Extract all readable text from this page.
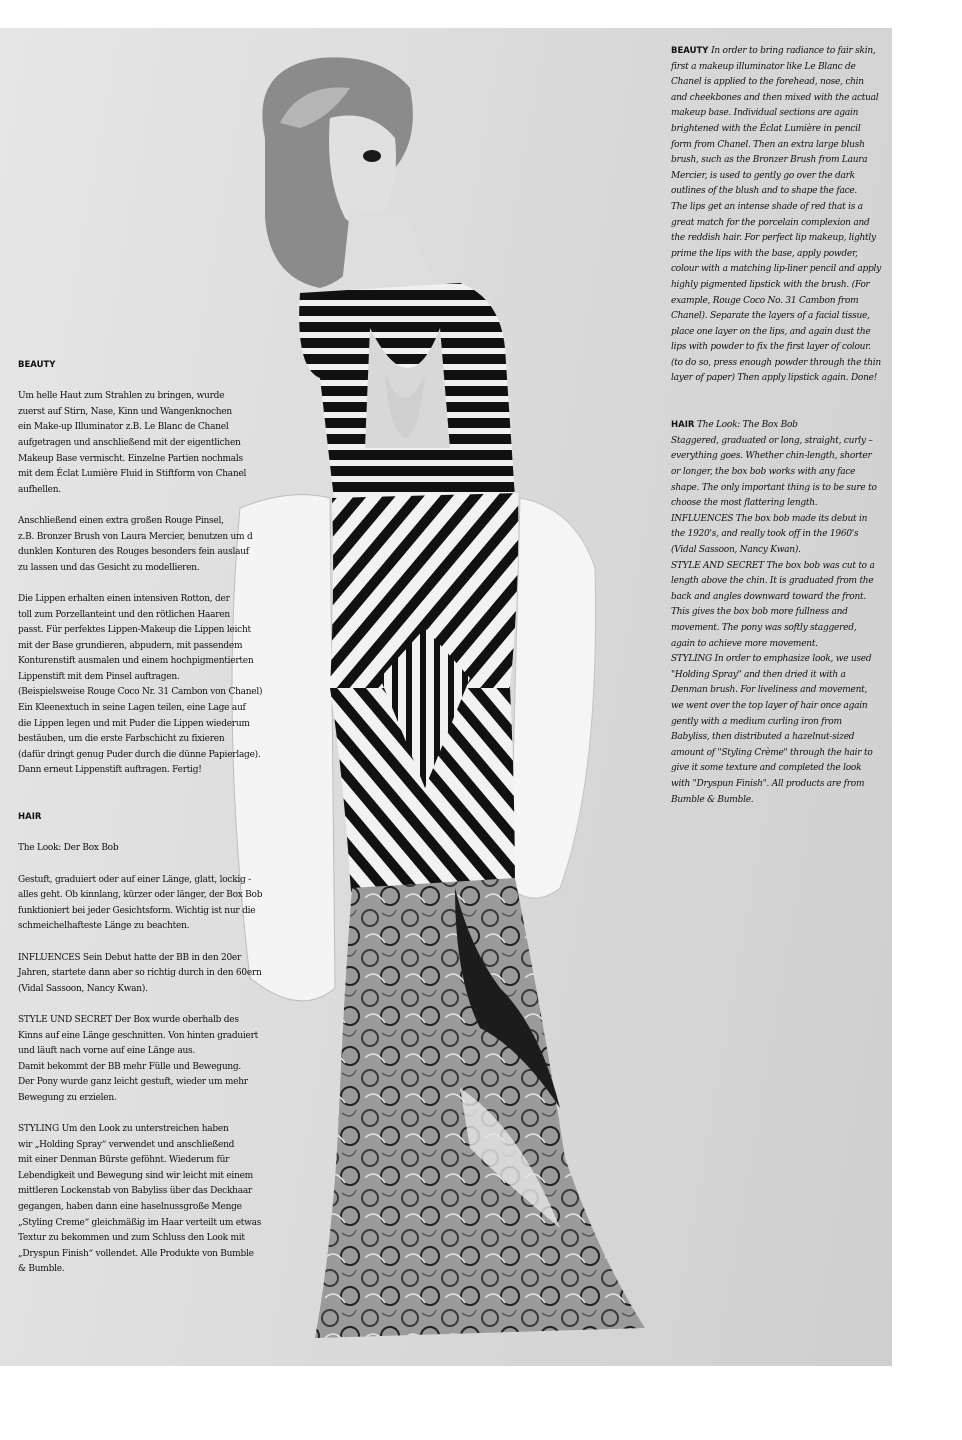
BEAUTY

Um helle Haut zum Strahlen zu bringen, wurde
zuerst auf Stirn, Nase, Kinn und Wangenknochen
ein Make-up Illuminator z.B. Le Blanc de Chanel
aufgetragen und anschließend mit der eigentlichen
Makeup Base vermischt. Einzelne Partien nochmals
mit dem Éclat Lumière Fluid in Stiftform von Chanel
aufhellen.

Anschließend einen extra großen Rouge Pinsel,
z.B. Bronzer Brush von Laura Mercier, benutzen um d
dunklen Konturen des Rouges besonders fein auslauf
zu lassen und das Gesicht zu modellieren.

Die Lippen erhalten einen intensiven Rotton, der
toll zum Porzellanteint und den rötlichen Haaren
passt. Für perfektes Lippen-Makeup die Lippen leicht
mit der Base grundieren, abpudern, mit passendem
Konturenstift ausmalen und einem hochpigmentierten
Lippenstift mit dem Pinsel auftragen.
(Beispielsweise Rouge Coco Nr. 31 Cambon von Chanel)
Ein Kleenextuch in seine Lagen teilen, eine Lage auf
die Lippen legen und mit Puder die Lippen wiederum
bestäuben, um die erste Farbschicht zu fixieren
(dafür dringt genug Puder durch die dünne Papierlage).
Dann erneut Lippenstift auftragen. Fertig!

HAIR

The Look: Der Box Bob

Gestuft, graduiert oder auf einer Länge, glatt, lockig -
alles geht. Ob kinnlang, kürzer oder länger, der Box Bob
funktioniert bei jeder Gesichtsform. Wichtig ist nur die
schmeichelhafteste Länge zu beachten.

INFLUENCES Sein Debut hatte der BB in den 20er
Jahren, startete dann aber so richtig durch in den 60ern
(Vidal Sassoon, Nancy Kwan).

STYLE UND SECRET Der Box wurde oberhalb des
Kinns auf eine Länge geschnitten. Von hinten graduiert
und läuft nach vorne auf eine Länge aus.
Damit bekommt der BB mehr Fülle und Bewegung.
Der Pony wurde ganz leicht gestuft, wieder um mehr
Bewegung zu erzielen.

STYLING Um den Look zu unterstreichen haben
wir „Holding Spray“ verwendet und anschließend
mit einer Denman Bürste geföhnt. Wiederum für
Lebendigkeit und Bewegung sind wir leicht mit einem
mittleren Lockenstab von Babyliss über das Deckhaar
gegangen, haben dann eine haselnussgroße Menge
„Styling Creme“ gleichmäßig im Haar verteilt um etwas
Textur zu bekommen und zum Schluss den Look mit
„Dryspun Finish“ vollendet. Alle Produkte von Bumble
& Bumble.

BEAUTY In order to bring radiance to fair skin, first a makeup illuminator like Le Blanc de Chanel is applied to the forehead, nose, chin and cheekbones and then mixed with the actual makeup base. Individual sections are again brightened with the Éclat Lumière in pencil form from Chanel. Then an extra large blush brush, such as the Bronzer Brush from Laura Mercier, is used to gently go over the dark outlines of the blush and to shape the face.
The lips get an intense shade of red that is a great match for the porcelain complexion and the reddish hair. For perfect lip makeup, lightly prime the lips with the base, apply powder, colour with a matching lip-liner pencil and apply highly pigmented lipstick with the brush. (For example, Rouge Coco No. 31 Cambon from Chanel). Separate the layers of a facial tissue, place one layer on the lips, and again dust the lips with powder to fix the first layer of colour. (to do so, press enough powder through the thin layer of paper) Then apply lipstick again. Done!

HAIR The Look: The Box Bob
Staggered, graduated or long, straight, curly – everything goes. Whether chin-length, shorter or longer, the box bob works with any face shape. The only important thing is to be sure to choose the most flattering length.
INFLUENCES The box bob made its debut in the 1920's, and really took off in the 1960's (Vidal Sassoon, Nancy Kwan).
STYLE AND SECRET The box bob was cut to a length above the chin. It is graduated from the back and angles downward toward the front. This gives the box bob more fullness and movement. The pony was softly staggered, again to achieve more movement.
STYLING In order to emphasize look, we used "Holding Spray" and then dried it with a Denman brush. For liveliness and movement, we went over the top layer of hair once again gently with a medium curling iron from Babyliss, then distributed a hazelnut-sized amount of "Styling Crème" through the hair to give it some texture and completed the look with "Dryspun Finish". All products are from Bumble & Bumble.
